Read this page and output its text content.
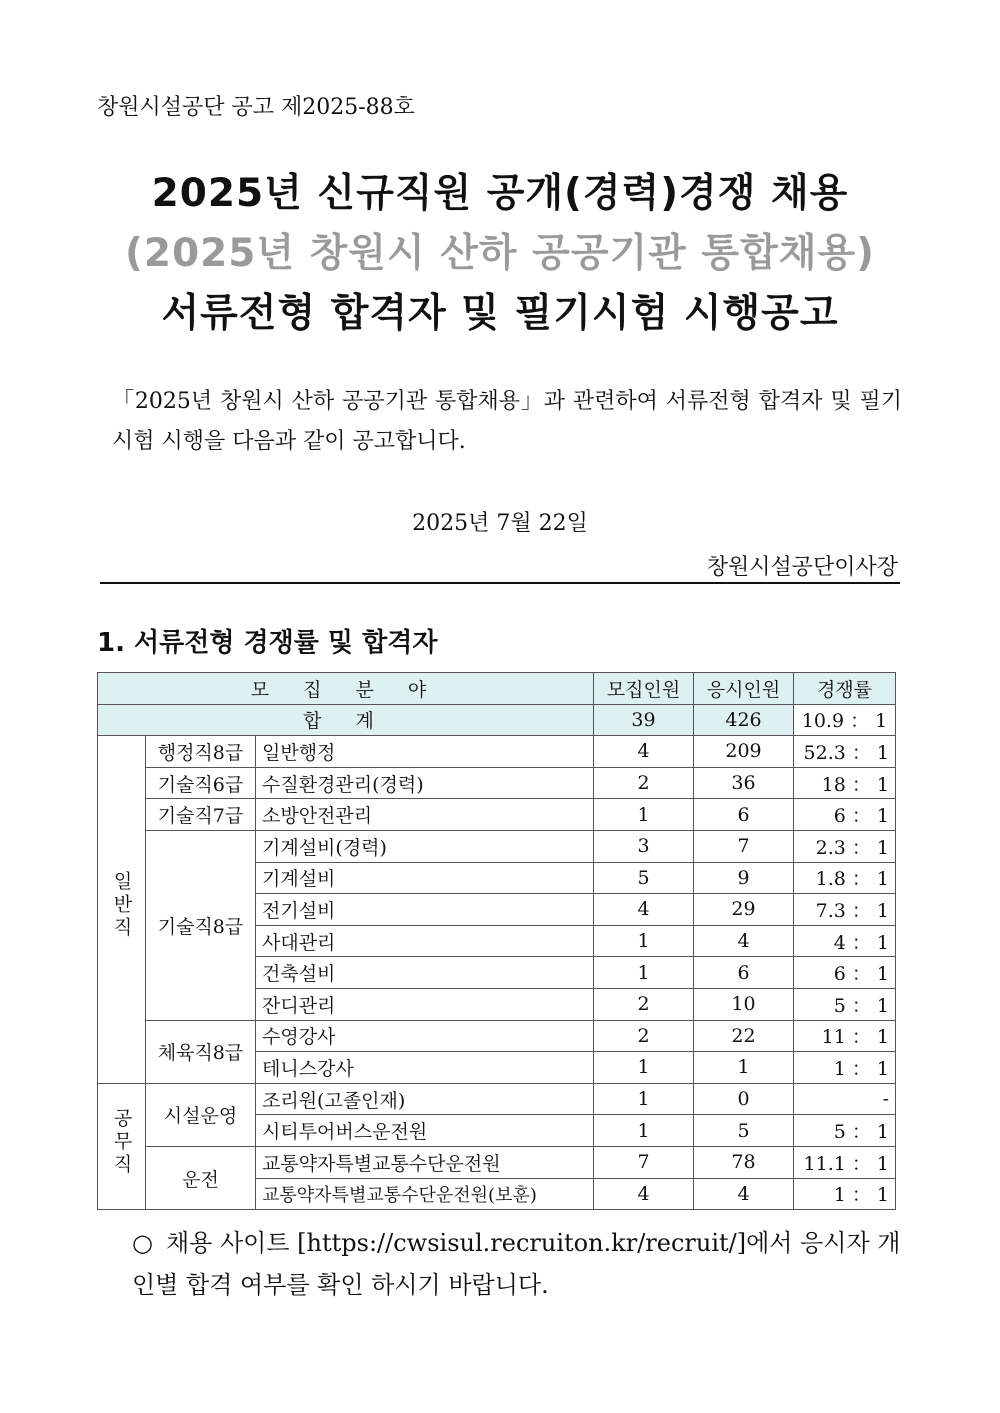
창원시설공단 공고 제2025-88호
2025년 신규직원 공개(경력)경쟁 채용
(2025년 창원시 산하 공공기관 통합채용)
서류전형 합격자 및 필기시험 시행공고
「2025년 창원시 산하 공공기관 통합채용」과 관련하여 서류전형 합격자 및 필기시험 시행을 다음과 같이 공고합니다.
2025년 7월 22일
창원시설공단이사장
1. 서류전형 경쟁률 및 합격자
모 집 분 야			모집인원	응시인원	경쟁률
합 계			39	426	10.9 ： 1
일반직	행정직8급	일반행정	4	209	52.3 ： 1
	기술직6급	수질환경관리(경력)	2	36	18 ： 1
	기술직7급	소방안전관리	1	6	6 ： 1
	기술직8급	기계설비(경력)	3	7	2.3 ： 1
		기계설비	5	9	1.8 ： 1
		전기설비	4	29	7.3 ： 1
		사대관리	1	4	4 ： 1
		건축설비	1	6	6 ： 1
		잔디관리	2	10	5 ： 1
	체육직8급	수영강사	2	22	11 ： 1
		테니스강사	1	1	1 ： 1
공무직	시설운영	조리원(고졸인재)	1	0	-
		시티투어버스운전원	1	5	5 ： 1
	운전	교통약자특별교통수단운전원	7	78	11.1 ： 1
		교통약자특별교통수단운전원(보훈)	4	4	1 ： 1
○ 채용 사이트 [https://cwsisul.recruiton.kr/recruit/]에서 응시자 개인별 합격 여부를 확인 하시기 바랍니다.
